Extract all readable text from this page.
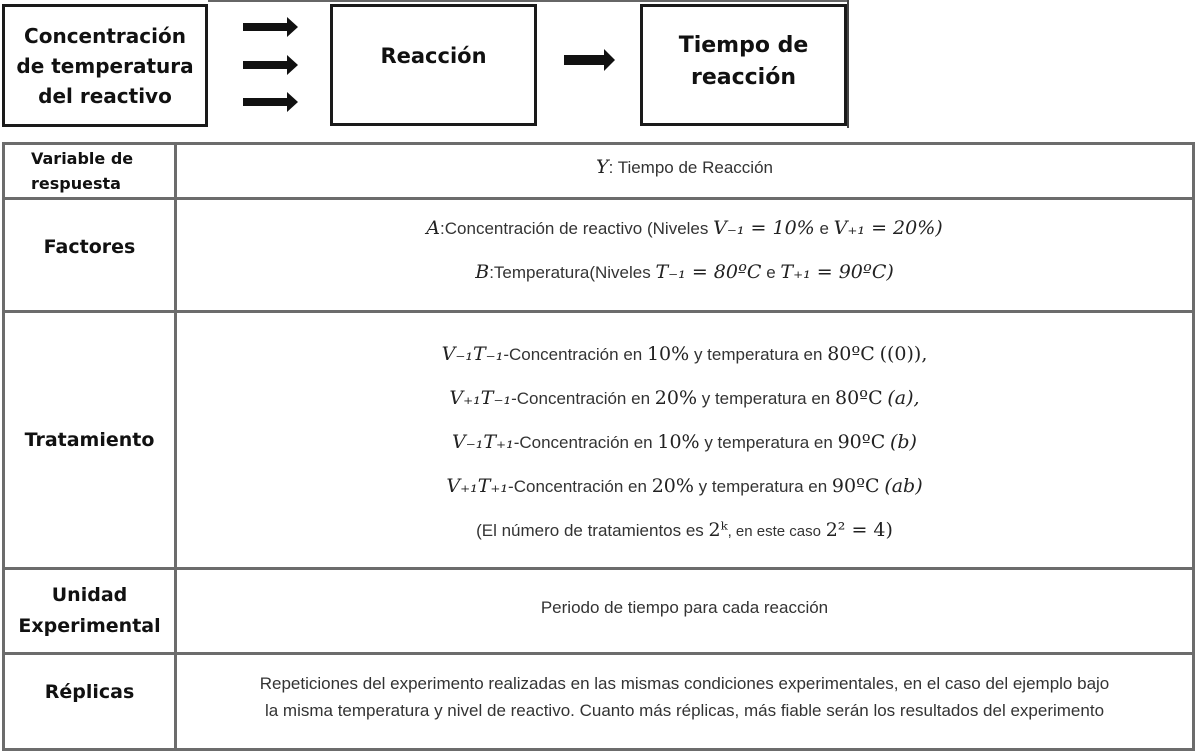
Concentración de temperatura del reactivo
Reacción	Tiempo de reacción
Variable de respuesta
Y : Tiempo de Reacción
Factores
A :Concentración de reactivo (Niveles
V₋₁ = 10%
e
V₊₁ = 20%)
B :Temperatura(Niveles
T₋₁ = 80ºC
e
T₊₁ = 90ºC)
Tratamiento
V₋₁T₋₁ -Concentración en
10%
y temperatura en
80ºC
((0)),
V₊₁T₋₁ -Concentración en
20%
y temperatura en
80ºC
(a),
V₋₁T₊₁ -Concentración en
10%
y temperatura en
90ºC
(b)
V₊₁T₊₁ -Concentración en
20%
y temperatura en
90ºC
(ab)
(El número de tratamientos es
2ᵏ , en este caso
2² = 4)
Unidad Experimental
Periodo de tiempo para cada reacción
Réplicas	Repeticiones del experimento realizadas en las mismas condiciones experimentales, en el caso del ejemplo bajo
la misma temperatura y nivel de reactivo. Cuanto más réplicas, más fiable serán los resultados del experimento
